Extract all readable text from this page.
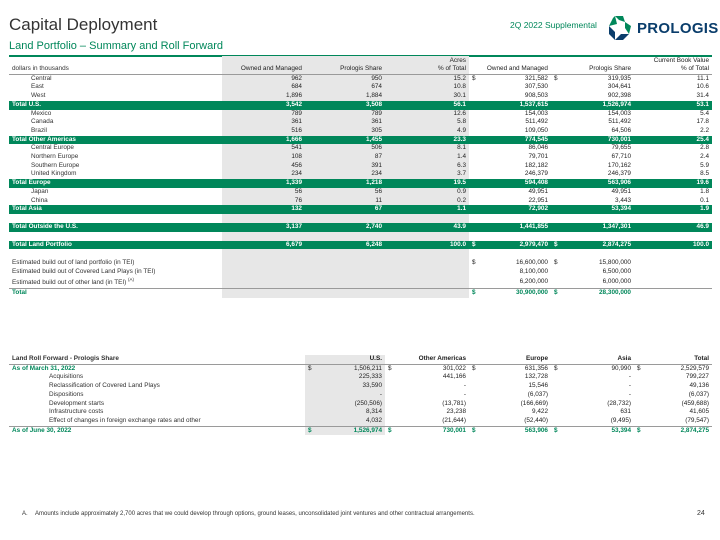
Capital Deployment
Land Portfolio – Summary and Roll Forward
2Q 2022 Supplemental	PROLOGIS
			Acres			Current Book Value
dollars in thousands	Owned and Managed	Prologis Share	% of Total	Owned and Managed	Prologis Share	% of Total
Central	962	950	15.2	$ 321,582	$ 319,935	11.1
East	684	674	10.8	307,530	304,641	10.6
West	1,896	1,884	30.1	908,503	902,398	31.4
Total U.S.	3,542	3,508	56.1	1,537,615	1,526,974	53.1
Mexico	789	789	12.6	154,003	154,003	5.4
Canada	361	361	5.8	511,492	511,492	17.8
Brazil	516	305	4.9	109,050	64,506	2.2
Total Other Americas	1,666	1,455	23.3	774,545	730,001	25.4
Central Europe	541	506	8.1	86,046	79,655	2.8
Northern Europe	108	87	1.4	79,701	67,710	2.4
Southern Europe	456	391	6.3	182,182	170,162	5.9
United Kingdom	234	234	3.7	246,379	246,379	8.5
Total Europe	1,339	1,218	19.5	594,408	563,906	19.6
Japan	56	56	0.9	49,951	49,951	1.8
China	76	11	0.2	22,951	3,443	0.1
Total Asia	132	67	1.1	72,902	53,394	1.9

Total Outside the U.S.	3,137	2,740	43.9	1,441,855	1,347,301	46.9

Total Land Portfolio	6,679	6,248	100.0	$ 2,979,470	$ 2,874,275	100.0

Estimated build out of land portfolio (in TEI)				$ 16,600,000	$ 15,800,000	
Estimated build out of Covered Land Plays (in TEI)				8,100,000	6,500,000	
Estimated build out of other land (in TEI) $^{(A)}$				6,200,000	6,000,000	
Total				$ 30,900,000	$ 28,300,000	
Land Roll Forward - Prologis Share	U.S.	Other Americas	Europe	Asia	Total
As of March 31, 2022	$ 1,506,211	$ 301,022	$ 631,356	$ 90,990	$ 2,529,579
Acquisitions	225,333	441,166	132,728	-	799,227
Reclassification of Covered Land Plays	33,590	-	15,546	-	49,136
Dispositions	-	-	(6,037)	-	(6,037)
Development starts	(250,506)	(13,781)	(166,669)	(28,732)	(459,688)
Infrastructure costs	8,314	23,238	9,422	631	41,605
Effect of changes in foreign exchange rates and other	4,032	(21,644)	(52,440)	(9,495)	(79,547)
As of June 30, 2022	$ 1,526,974	$ 730,001	$ 563,906	$ 53,394	$ 2,874,275
A. Amounts include approximately 2,700 acres that we could develop through options, ground leases, unconsolidated joint ventures and other contractual arrangements.	24
